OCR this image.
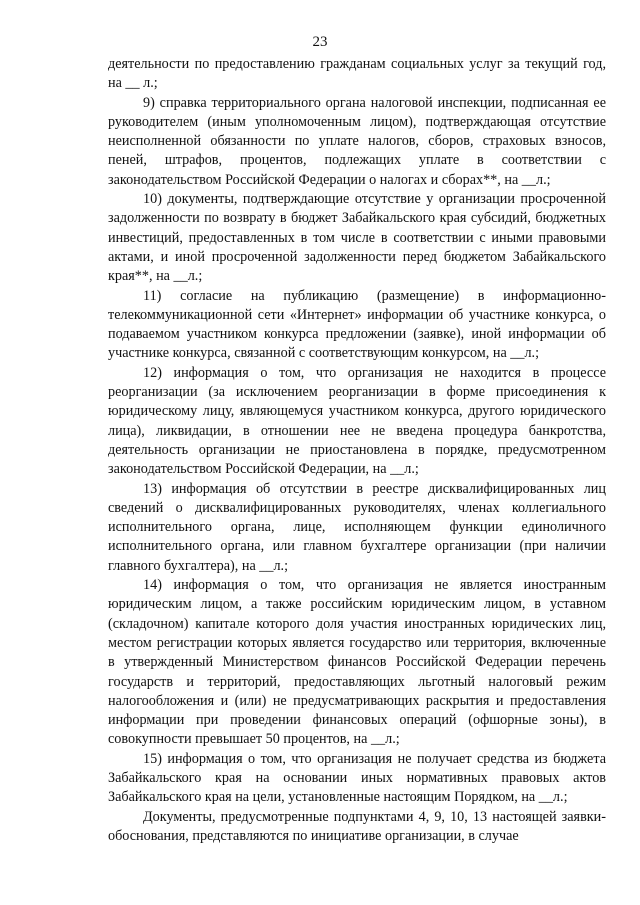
23

деятельности по предоставлению гражданам социальных услуг за текущий год, на __ л.;

9) справка территориального органа налоговой инспекции, подписанная ее руководителем (иным уполномоченным лицом), подтверждающая отсутствие неисполненной обязанности по уплате налогов, сборов, страховых взносов, пеней, штрафов, процентов, подлежащих уплате в соответствии с законодательством Российской Федерации о налогах и сборах**, на __л.;

10) документы, подтверждающие отсутствие у организации просроченной задолженности по возврату в бюджет Забайкальского края субсидий, бюджетных инвестиций, предоставленных в том числе в соответствии с иными правовыми актами, и иной просроченной задолженности перед бюджетом Забайкальского края**, на __л.;

11) согласие на публикацию (размещение) в информационно-телекоммуникационной сети «Интернет» информации об участнике конкурса, о подаваемом участником конкурса предложении (заявке), иной информации об участнике конкурса, связанной с соответствующим конкурсом, на __л.;

12) информация о том, что организация не находится в процессе реорганизации (за исключением реорганизации в форме присоединения к юридическому лицу, являющемуся участником конкурса, другого юридического лица), ликвидации, в отношении нее не введена процедура банкротства, деятельность организации не приостановлена в порядке, предусмотренном законодательством Российской Федерации, на __л.;

13) информация об отсутствии в реестре дисквалифицированных лиц сведений о дисквалифицированных руководителях, членах коллегиального исполнительного органа, лице, исполняющем функции единоличного исполнительного органа, или главном бухгалтере организации (при наличии главного бухгалтера), на __л.;

14) информация о том, что организация не является иностранным юридическим лицом, а также российским юридическим лицом, в уставном (складочном) капитале которого доля участия иностранных юридических лиц, местом регистрации которых является государство или территория, включенные в утвержденный Министерством финансов Российской Федерации перечень государств и территорий, предоставляющих льготный налоговый режим налогообложения и (или) не предусматривающих раскрытия и предоставления информации при проведении финансовых операций (офшорные зоны), в совокупности превышает 50 процентов, на __л.;

15) информация о том, что организация не получает средства из бюджета Забайкальского края на основании иных нормативных правовых актов Забайкальского края на цели, установленные настоящим Порядком, на __л.;

Документы, предусмотренные подпунктами 4, 9, 10, 13 настоящей заявки-обоснования, представляются по инициативе организации, в случае
